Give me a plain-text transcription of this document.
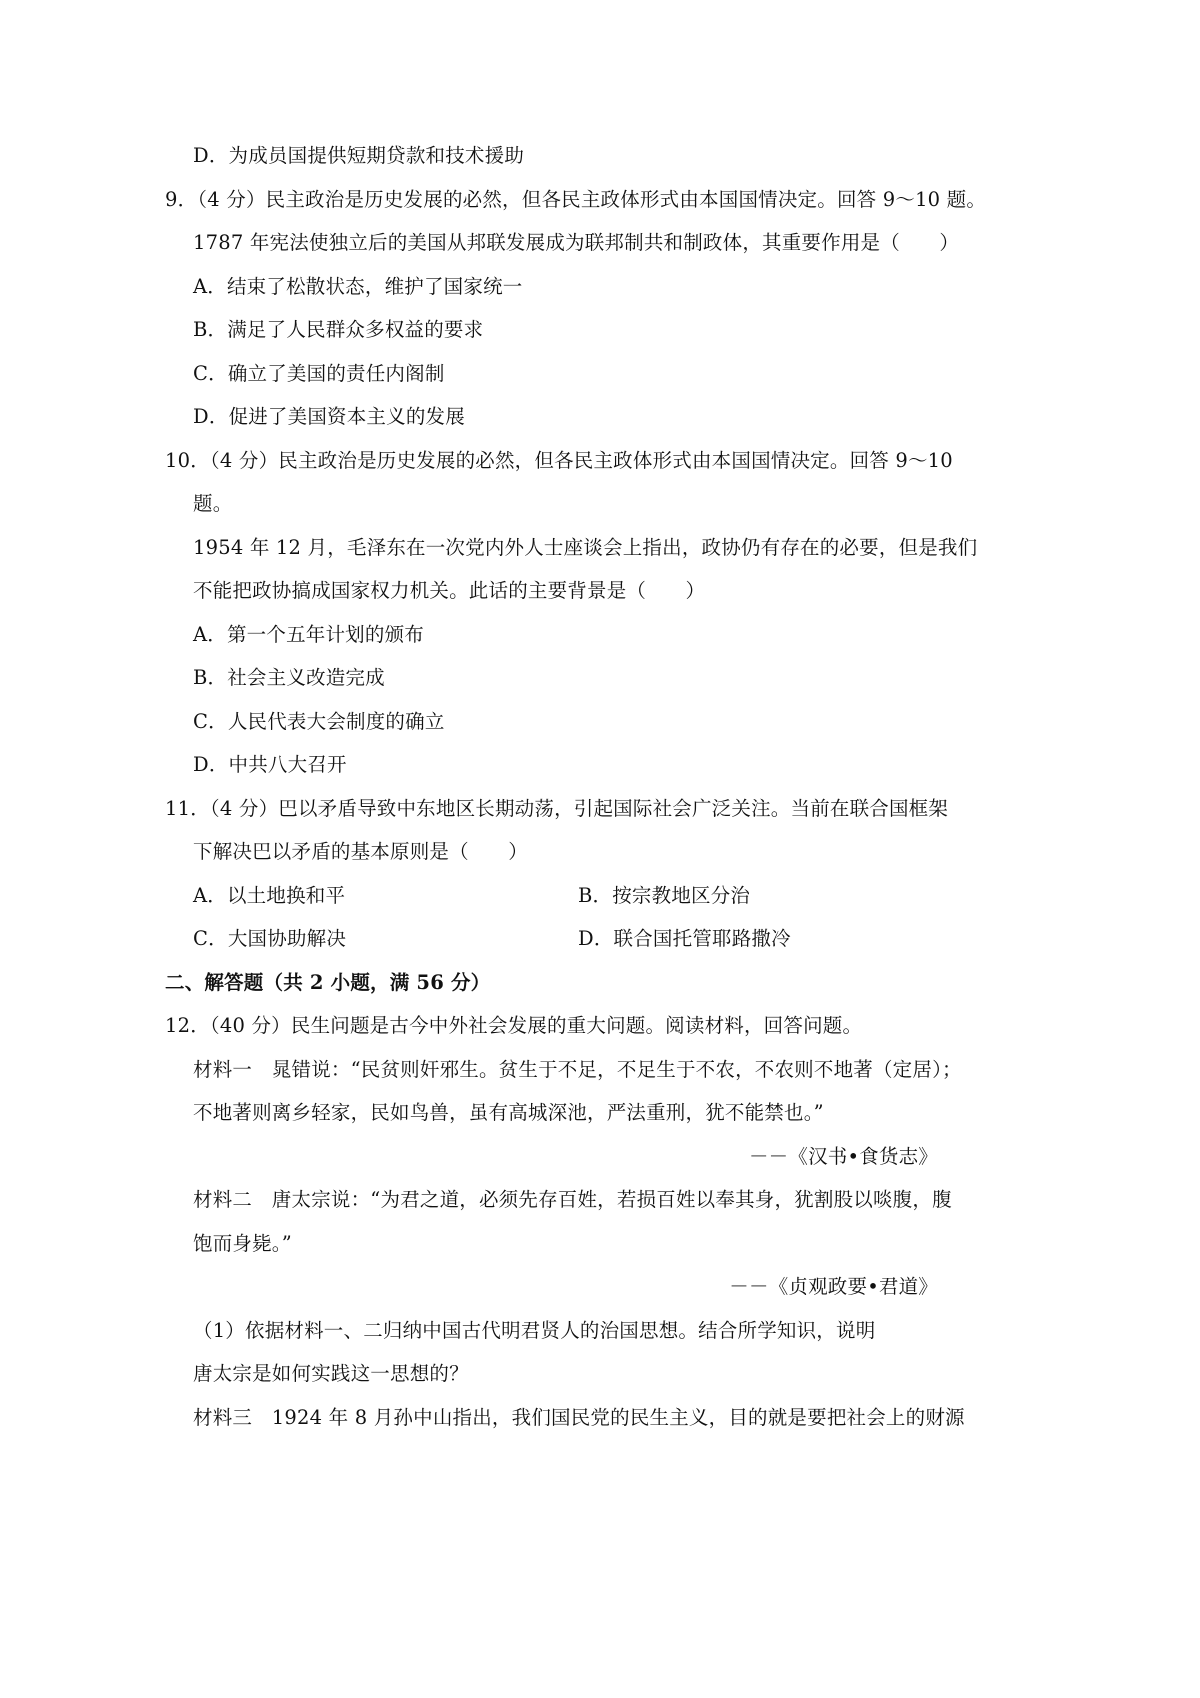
D．为成员国提供短期贷款和技术援助
9．（4 分）民主政治是历史发展的必然，但各民主政体形式由本国国情决定。回答 9～10 题。
1787 年宪法使独立后的美国从邦联发展成为联邦制共和制政体，其重要作用是（　　）
A．结束了松散状态，维护了国家统一
B．满足了人民群众多权益的要求
C．确立了美国的责任内阁制
D．促进了美国资本主义的发展
10．（4 分）民主政治是历史发展的必然，但各民主政体形式由本国国情决定。回答 9～10
题。
1954 年 12 月，毛泽东在一次党内外人士座谈会上指出，政协仍有存在的必要，但是我们
不能把政协搞成国家权力机关。此话的主要背景是（　　）
A．第一个五年计划的颁布
B．社会主义改造完成
C．人民代表大会制度的确立
D．中共八大召开
11．（4 分）巴以矛盾导致中东地区长期动荡，引起国际社会广泛关注。当前在联合国框架
下解决巴以矛盾的基本原则是（　　）
A．以土地换和平	B．按宗教地区分治
C．大国协助解决	D．联合国托管耶路撒冷
二、解答题（共 2 小题，满 56 分）
12．（40 分）民生问题是古今中外社会发展的重大问题。阅读材料，回答问题。
材料一　晁错说：“民贫则奸邪生。贫生于不足，不足生于不农，不农则不地著（定居）；
不地著则离乡轻家，民如鸟兽，虽有高城深池，严法重刑，犹不能禁也。”
－－《汉书•食货志》
材料二　唐太宗说：“为君之道，必须先存百姓，若损百姓以奉其身，犹割股以啖腹，腹
饱而身毙。”
－－《贞观政要•君道》
（1）依据材料一、二归纳中国古代明君贤人的治国思想。结合所学知识，说明
唐太宗是如何实践这一思想的？
材料三　1924 年 8 月孙中山指出，我们国民党的民生主义，目的就是要把社会上的财源
